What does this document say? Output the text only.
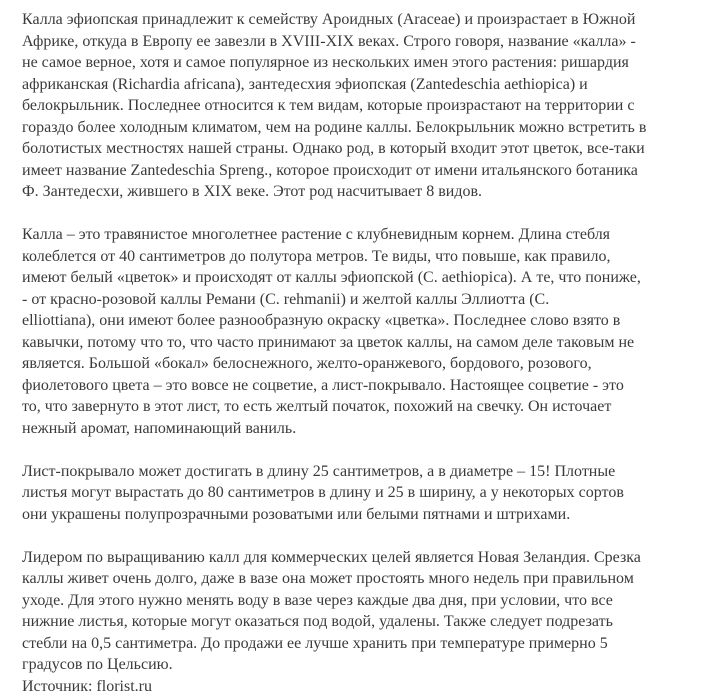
Калла эфиопская принадлежит к семейству Ароидных (Araceae) и произрастает в Южной
Африке, откуда в Европу ее завезли в XVIII-XIX веках. Строго говоря, название «калла» -
не самое верное, хотя и самое популярное из нескольких имен этого растения: ришардия
африканская (Richardia africana), зантедесхия эфиопская (Zantedeschia aethiopica) и
белокрыльник. Последнее относится к тем видам, которые произрастают на территории с
гораздо более холодным климатом, чем на родине каллы. Белокрыльник можно встретить в
болотистых местностях нашей страны. Однако род, в который входит этот цветок, все-таки
имеет название Zantedeschia Spreng., которое происходит от имени итальянского ботаника
Ф. Зантедесхи, жившего в XIX веке. Этот род насчитывает 8 видов.

Калла – это травянистое многолетнее растение с клубневидным корнем. Длина стебля
колеблется от 40 сантиметров до полутора метров. Те виды, что повыше, как правило,
имеют белый «цветок» и происходят от каллы эфиопской (C. aethiopica). А те, что пониже,
- от красно-розовой каллы Ремани (C. rehmanii) и желтой каллы Эллиотта (C.
elliottiana), они имеют более разнообразную окраску «цветка». Последнее слово взято в
кавычки, потому что то, что часто принимают за цветок каллы, на самом деле таковым не
является. Большой «бокал» белоснежного, желто-оранжевого, бордового, розового,
фиолетового цвета – это вовсе не соцветие, а лист-покрывало. Настоящее соцветие - это
то, что завернуто в этот лист, то есть желтый початок, похожий на свечку. Он источает
нежный аромат, напоминающий ваниль.

Лист-покрывало может достигать в длину 25 сантиметров, а в диаметре – 15! Плотные
листья могут вырастать до 80 сантиметров в длину и 25 в ширину, а у некоторых сортов
они украшены полупрозрачными розоватыми или белыми пятнами и штрихами.

Лидером по выращиванию калл для коммерческих целей является Новая Зеландия. Срезка
каллы живет очень долго, даже в вазе она может простоять много недель при правильном
уходе. Для этого нужно менять воду в вазе через каждые два дня, при условии, что все
нижние листья, которые могут оказаться под водой, удалены. Также следует подрезать
стебли на 0,5 сантиметра. До продажи ее лучше хранить при температуре примерно 5
градусов по Цельсию.

Источник: florist.ru
